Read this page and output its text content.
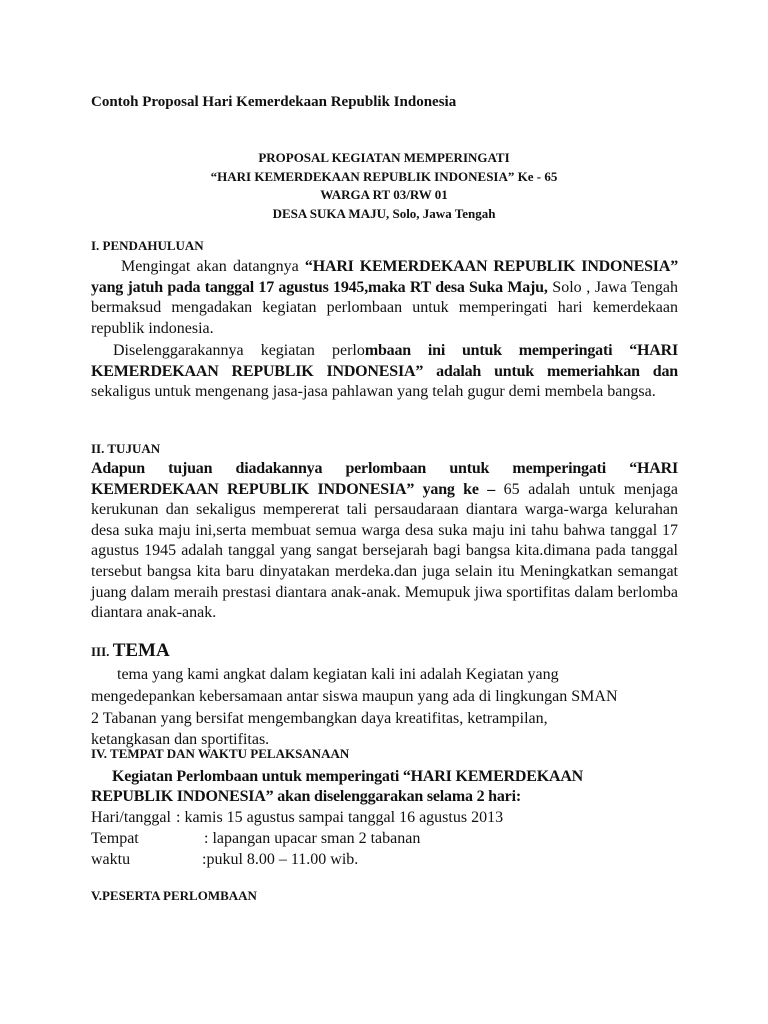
Contoh Proposal Hari Kemerdekaan Republik Indonesia
PROPOSAL KEGIATAN MEMPERINGATI
“HARI KEMERDEKAAN REPUBLIK INDONESIA” Ke - 65
WARGA RT 03/RW 01
DESA SUKA MAJU, Solo, Jawa Tengah
I. PENDAHULUAN
Mengingat akan datangnya “HARI KEMERDEKAAN REPUBLIK INDONESIA” yang jatuh pada tanggal 17 agustus 1945,maka RT desa Suka Maju, Solo , Jawa Tengah bermaksud mengadakan kegiatan perlombaan untuk memperingati hari kemerdekaan republik indonesia.
Diselenggarakannya kegiatan perlombaan ini untuk memperingati “HARI KEMERDEKAAN REPUBLIK INDONESIA” adalah untuk memeriahkan dan sekaligus untuk mengenang jasa-jasa pahlawan yang telah gugur demi membela bangsa.
II. TUJUAN
Adapun tujuan diadakannya perlombaan untuk memperingati “HARI KEMERDEKAAN REPUBLIK INDONESIA” yang ke – 65 adalah untuk menjaga kerukunan dan sekaligus mempererat tali persaudaraan diantara warga-warga kelurahan desa suka maju ini,serta membuat semua warga desa suka maju ini tahu bahwa tanggal 17 agustus 1945 adalah tanggal yang sangat bersejarah bagi bangsa kita.dimana pada tanggal tersebut bangsa kita baru dinyatakan merdeka.dan juga selain itu Meningkatkan semangat juang dalam meraih prestasi diantara anak-anak. Memupuk jiwa sportifitas dalam berlomba diantara anak-anak.
III. TEMA
tema yang kami angkat dalam kegiatan kali ini adalah Kegiatan yang
mengedepankan kebersamaan antar siswa maupun yang ada di lingkungan SMAN
2 Tabanan yang bersifat mengembangkan daya kreatifitas, ketrampilan,
ketangkasan dan sportifitas.
IV. TEMPAT DAN WAKTU PELAKSANAAN
Kegiatan Perlombaan untuk memperingati “HARI KEMERDEKAAN
REPUBLIK INDONESIA” akan diselenggarakan selama 2 hari:
Hari/tanggal : kamis 15 agustus sampai tanggal 16 agustus 2013
Tempat	: lapangan upacar sman 2 tabanan
waktu	:pukul 8.00 – 11.00 wib.
V.PESERTA PERLOMBAAN
